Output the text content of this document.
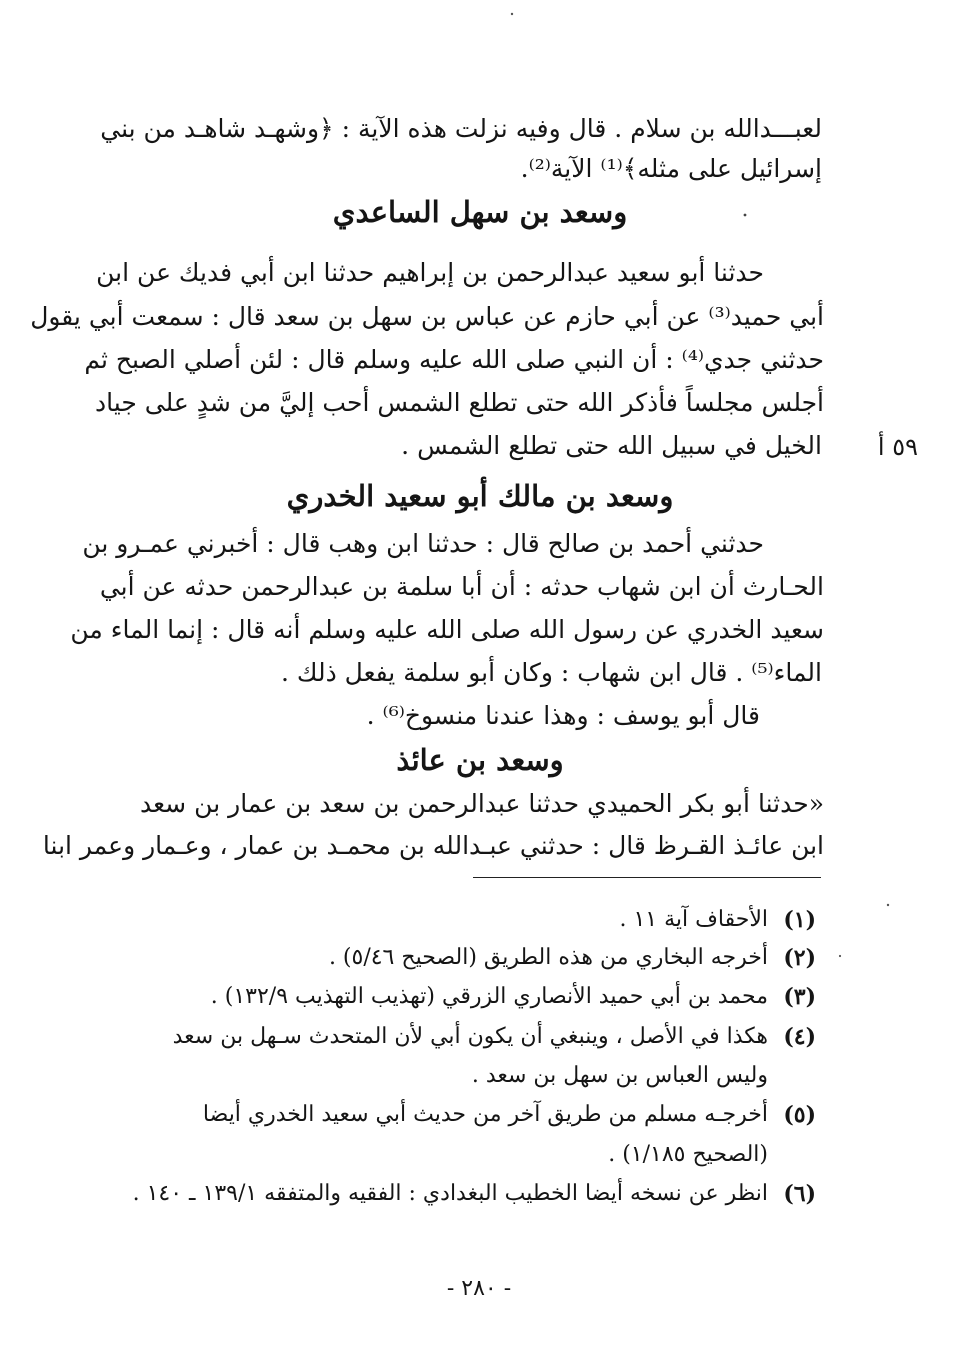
لعبـــدالله بن سلام . قال وفيه نزلت هذه الآية : ﴿وشهـد شاهـد من بني
إسرائيل على مثله﴾⁽¹⁾ الآية⁽²⁾.
وسعد بن سهل الساعدي
حدثنا أبو سعيد عبدالرحمن بن إبراهيم حدثنا ابن أبي فديك عن ابن
أبي حميد⁽³⁾ عن أبي حازم عن عباس بن سهل بن سعد قال : سمعت أبي يقول
حدثني جدي⁽⁴⁾ : أن النبي صلى الله عليه وسلم قال : لئن أصلي الصبح ثم
أجلس مجلساً فأذكر الله حتى تطلع الشمس أحب إليَّ من شدٍ على جياد
الخيل في سبيل الله حتى تطلع الشمس . ٥٩ أ
وسعد بن مالك أبو سعيد الخدري
حدثني أحمد بن صالح قال : حدثنا ابن وهب قال : أخبرني عمـرو بن
الحـارث أن ابن شهاب حدثه : أن أبا سلمة بن عبدالرحمن حدثه عن أبي
سعيد الخدري عن رسول الله صلى الله عليه وسلم أنه قال : إنما الماء من
الماء⁽⁵⁾ . قال ابن شهاب : وكان أبو سلمة يفعل ذلك .
قال أبو يوسف : وهذا عندنا منسوخ⁽⁶⁾ .
وسعد بن عائذ
«حدثنا أبو بكر الحميدي حدثنا عبدالرحمن بن سعد بن عمار بن سعد
ابن عائـذ القـرظ قال : حدثني عبـدالله بن محمـد بن عمار ، وعـمار وعمر ابنا
(١)
الأحقاف آية ١١ .
(٢)
أخرجه البخاري من هذه الطريق (الصحيح ٥/٤٦) .
(٣)
محمد بن أبي حميد الأنصاري الزرقي (تهذيب التهذيب ١٣٢/٩) .
(٤)
هكذا في الأصل ، وينبغي أن يكون أبي لأن المتحدث سـهل بن سعد
وليس العباس بن سهل بن سعد .
(٥)
أخرجـه مسلم من طريق آخر من حديث أبي سعيد الخدري أيضا
(الصحيح ١/١٨٥) .
(٦)
انظر عن نسخه أيضا الخطيب البغدادي : الفقيه والمتفقه ١٣٩/١ ـ ١٤٠ .
- ٢٨٠ -
